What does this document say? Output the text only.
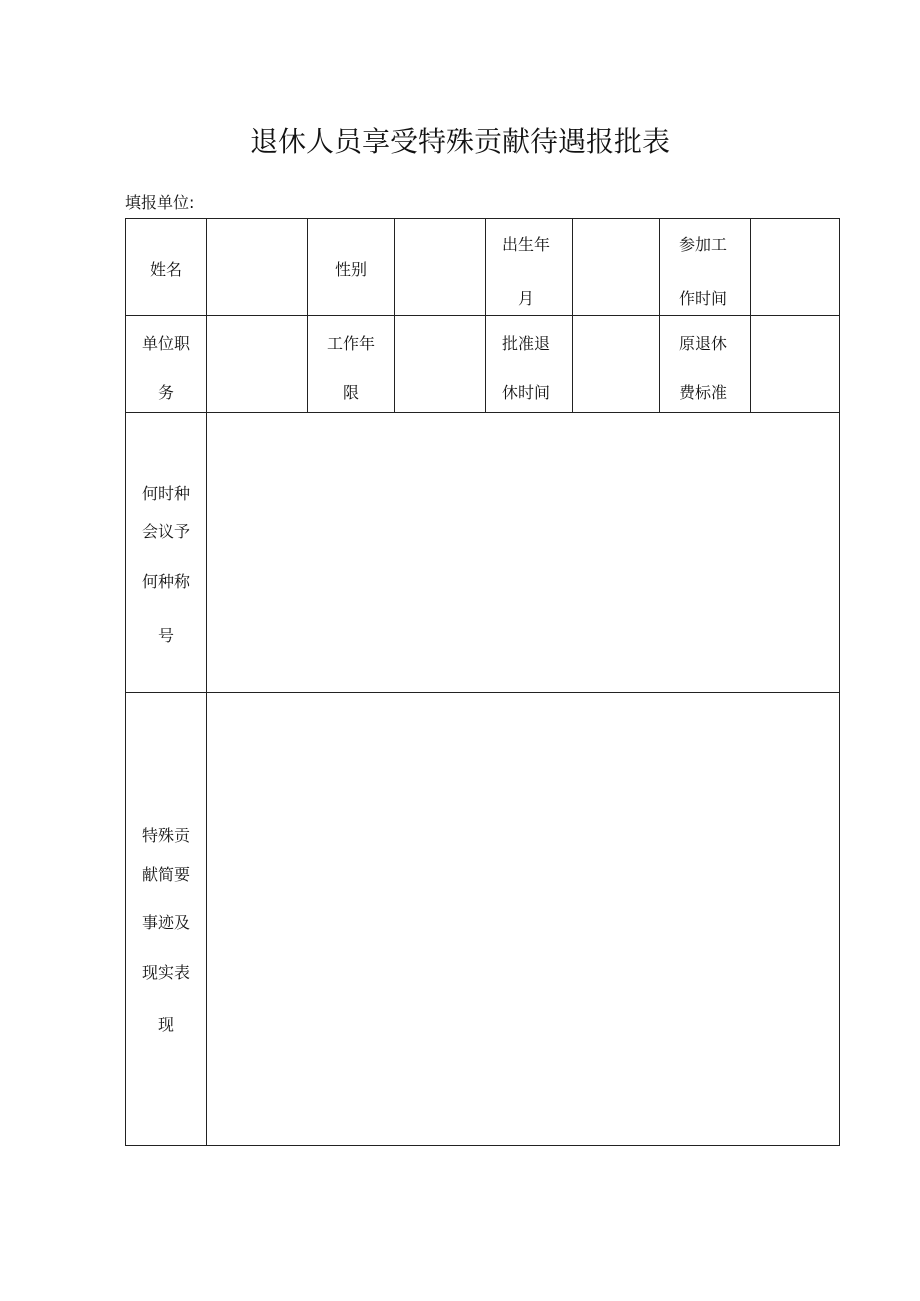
退休人员享受特殊贡献待遇报批表
填报单位:
姓名	性别
出生年
月
参加工
作时间
单位职
务
工作年
限
批准退
休时间
原退休
费标准
何时种
会议予
何种称
号
特殊贡
献简要
事迹及
现实表
现
